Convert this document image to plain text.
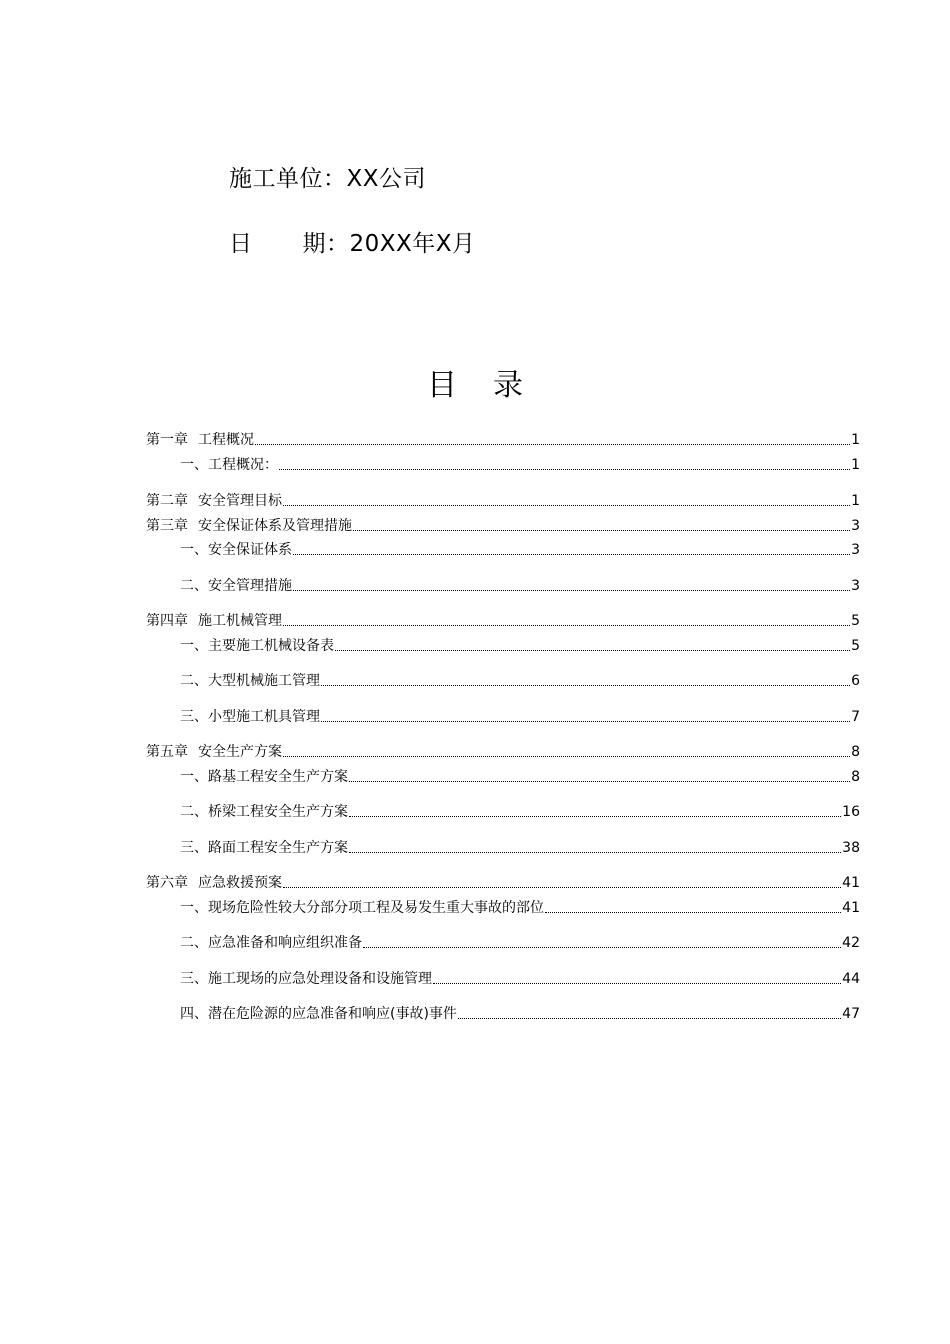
施工单位：XX公司
日 期：20XX年X月
目录
第一章 工程概况	1
一、工程概况：	1
第二章 安全管理目标	1
第三章 安全保证体系及管理措施	3
一、安全保证体系	3
二、安全管理措施	3
第四章 施工机械管理	5
一、主要施工机械设备表	5
二、大型机械施工管理	6
三、小型施工机具管理	7
第五章 安全生产方案	8
一、路基工程安全生产方案	8
二、桥梁工程安全生产方案	16
三、路面工程安全生产方案	38
第六章 应急救援预案	41
一、现场危险性较大分部分项工程及易发生重大事故的部位	41
二、应急准备和响应组织准备	42
三、施工现场的应急处理设备和设施管理	44
四、潜在危险源的应急准备和响应(事故)事件	47
